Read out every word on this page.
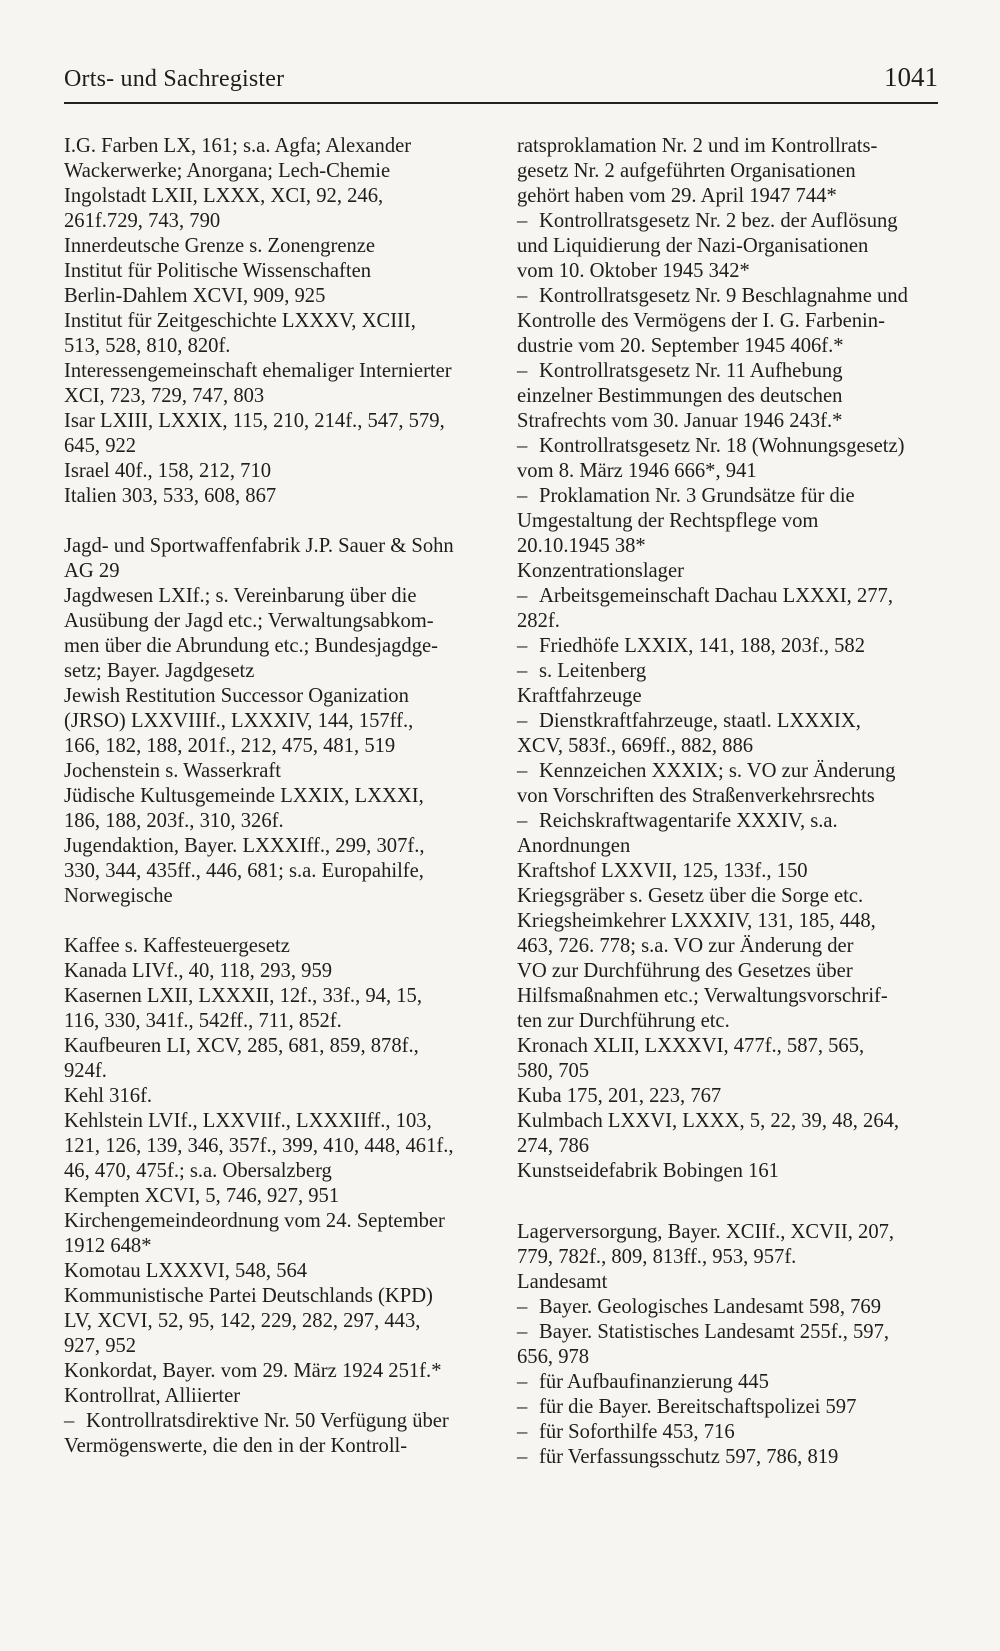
Orts- und Sachregister	1041
I.G. Farben LX, 161; s.a. Agfa; Alexander
Wackerwerke; Anorgana; Lech-Chemie
Ingolstadt LXII, LXXX, XCI, 92, 246,
261f.729, 743, 790
Innerdeutsche Grenze s. Zonengrenze
Institut für Politische Wissenschaften
Berlin-Dahlem XCVI, 909, 925
Institut für Zeitgeschichte LXXXV, XCIII,
513, 528, 810, 820f.
Interessengemeinschaft ehemaliger Internierter
XCI, 723, 729, 747, 803
Isar LXIII, LXXIX, 115, 210, 214f., 547, 579,
645, 922
Israel 40f., 158, 212, 710
Italien 303, 533, 608, 867
Jagd- und Sportwaffenfabrik J.P. Sauer & Sohn
AG 29
Jagdwesen LXIf.; s. Vereinbarung über die
Ausübung der Jagd etc.; Verwaltungsabkom-
men über die Abrundung etc.; Bundesjagdge-
setz; Bayer. Jagdgesetz
Jewish Restitution Successor Oganization
(JRSO) LXXVIIIf., LXXXIV, 144, 157ff.,
166, 182, 188, 201f., 212, 475, 481, 519
Jochenstein s. Wasserkraft
Jüdische Kultusgemeinde LXXIX, LXXXI,
186, 188, 203f., 310, 326f.
Jugendaktion, Bayer. LXXXIff., 299, 307f.,
330, 344, 435ff., 446, 681; s.a. Europahilfe,
Norwegische
Kaffee s. Kaffesteuergesetz
Kanada LIVf., 40, 118, 293, 959
Kasernen LXII, LXXXII, 12f., 33f., 94, 15,
116, 330, 341f., 542ff., 711, 852f.
Kaufbeuren LI, XCV, 285, 681, 859, 878f.,
924f.
Kehl 316f.
Kehlstein LVIf., LXXVIIf., LXXXIIff., 103,
121, 126, 139, 346, 357f., 399, 410, 448, 461f.,
46, 470, 475f.; s.a. Obersalzberg
Kempten XCVI, 5, 746, 927, 951
Kirchengemeindeordnung vom 24. September
1912 648*
Komotau LXXXVI, 548, 564
Kommunistische Partei Deutschlands (KPD)
LV, XCVI, 52, 95, 142, 229, 282, 297, 443,
927, 952
Konkordat, Bayer. vom 29. März 1924 251f.*
Kontrollrat, Alliierter
– Kontrollratsdirektive Nr. 50 Verfügung über
Vermögenswerte, die den in der Kontroll-
ratsproklamation Nr. 2 und im Kontrollrats-
gesetz Nr. 2 aufgeführten Organisationen
gehört haben vom 29. April 1947 744*
– Kontrollratsgesetz Nr. 2 bez. der Auflösung
und Liquidierung der Nazi-Organisationen
vom 10. Oktober 1945 342*
– Kontrollratsgesetz Nr. 9 Beschlagnahme und
Kontrolle des Vermögens der I. G. Farbenin-
dustrie vom 20. September 1945 406f.*
– Kontrollratsgesetz Nr. 11 Aufhebung
einzelner Bestimmungen des deutschen
Strafrechts vom 30. Januar 1946 243f.*
– Kontrollratsgesetz Nr. 18 (Wohnungsgesetz)
vom 8. März 1946 666*, 941
– Proklamation Nr. 3 Grundsätze für die
Umgestaltung der Rechtspflege vom
20.10.1945 38*
Konzentrationslager
– Arbeitsgemeinschaft Dachau LXXXI, 277,
282f.
– Friedhöfe LXXIX, 141, 188, 203f., 582
– s. Leitenberg
Kraftfahrzeuge
– Dienstkraftfahrzeuge, staatl. LXXXIX,
XCV, 583f., 669ff., 882, 886
– Kennzeichen XXXIX; s. VO zur Änderung
von Vorschriften des Straßenverkehrsrechts
– Reichskraftwagentarife XXXIV, s.a.
Anordnungen
Kraftshof LXXVII, 125, 133f., 150
Kriegsgräber s. Gesetz über die Sorge etc.
Kriegsheimkehrer LXXXIV, 131, 185, 448,
463, 726. 778; s.a. VO zur Änderung der
VO zur Durchführung des Gesetzes über
Hilfsmaßnahmen etc.; Verwaltungsvorschrif-
ten zur Durchführung etc.
Kronach XLII, LXXXVI, 477f., 587, 565,
580, 705
Kuba 175, 201, 223, 767
Kulmbach LXXVI, LXXX, 5, 22, 39, 48, 264,
274, 786
Kunstseidefabrik Bobingen 161
Lagerversorgung, Bayer. XCIIf., XCVII, 207,
779, 782f., 809, 813ff., 953, 957f.
Landesamt
– Bayer. Geologisches Landesamt 598, 769
– Bayer. Statistisches Landesamt 255f., 597,
656, 978
– für Aufbaufinanzierung 445
– für die Bayer. Bereitschaftspolizei 597
– für Soforthilfe 453, 716
– für Verfassungsschutz 597, 786, 819
